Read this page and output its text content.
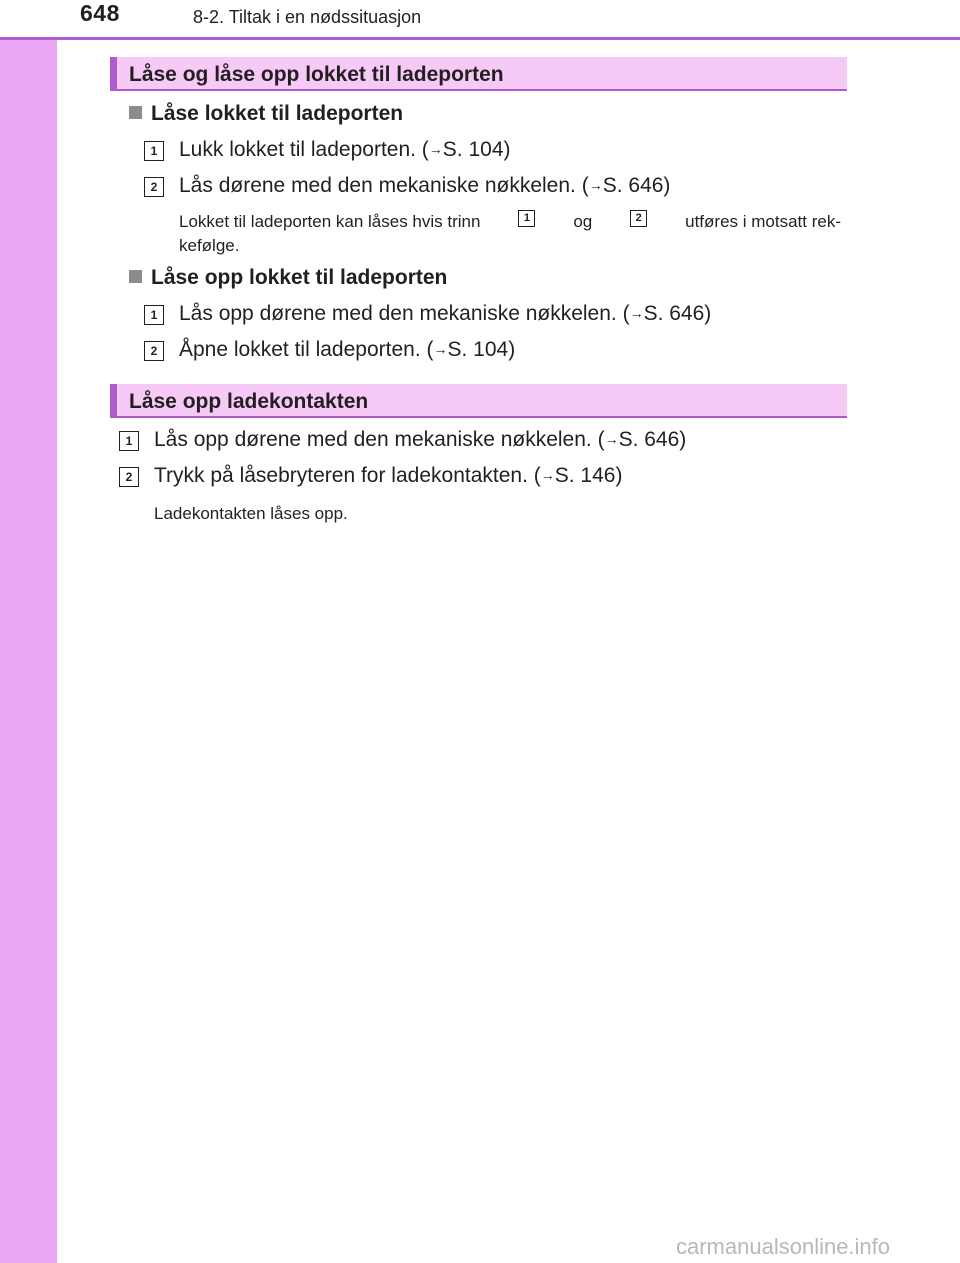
648	8-2. Tiltak i en nødssituasjon
Låse og låse opp lokket til ladeporten
Låse lokket til ladeporten
1	Lukk lokket til ladeporten. (→S. 104)
2	Lås dørene med den mekaniske nøkkelen. (→S. 646)
Lokket til ladeporten kan låses hvis trinn	1	og	2	utføres i motsatt rek-
kefølge.
Låse opp lokket til ladeporten
1	Lås opp dørene med den mekaniske nøkkelen. (→S. 646)
2	Åpne lokket til ladeporten. (→S. 104)
Låse opp ladekontakten
1	Lås opp dørene med den mekaniske nøkkelen. (→S. 646)
2	Trykk på låsebryteren for ladekontakten. (→S. 146)
Ladekontakten låses opp.
carmanualsonline.info
